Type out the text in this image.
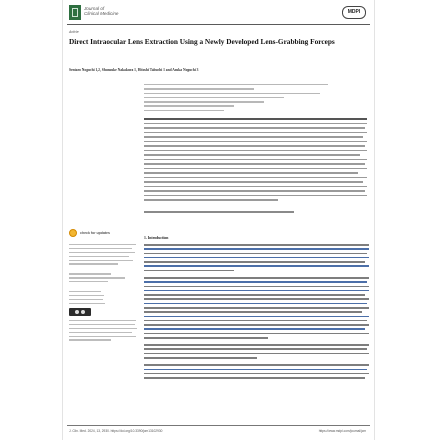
Journal of
Clinical Medicine	MDPI
Article
Direct Intraocular Lens Extraction Using a Newly Developed Lens-Grabbing Forceps
Sentaro Noguchi 1,2, Shunsuke Nakakura 1, Hitoshi Tabuchi 1 and Asuka Noguchi 3
check for updates
1. Introduction
J. Clin. Med. 2024, 13, 2930. https://doi.org/10.3390/jcm13102930	https://www.mdpi.com/journal/jcm
